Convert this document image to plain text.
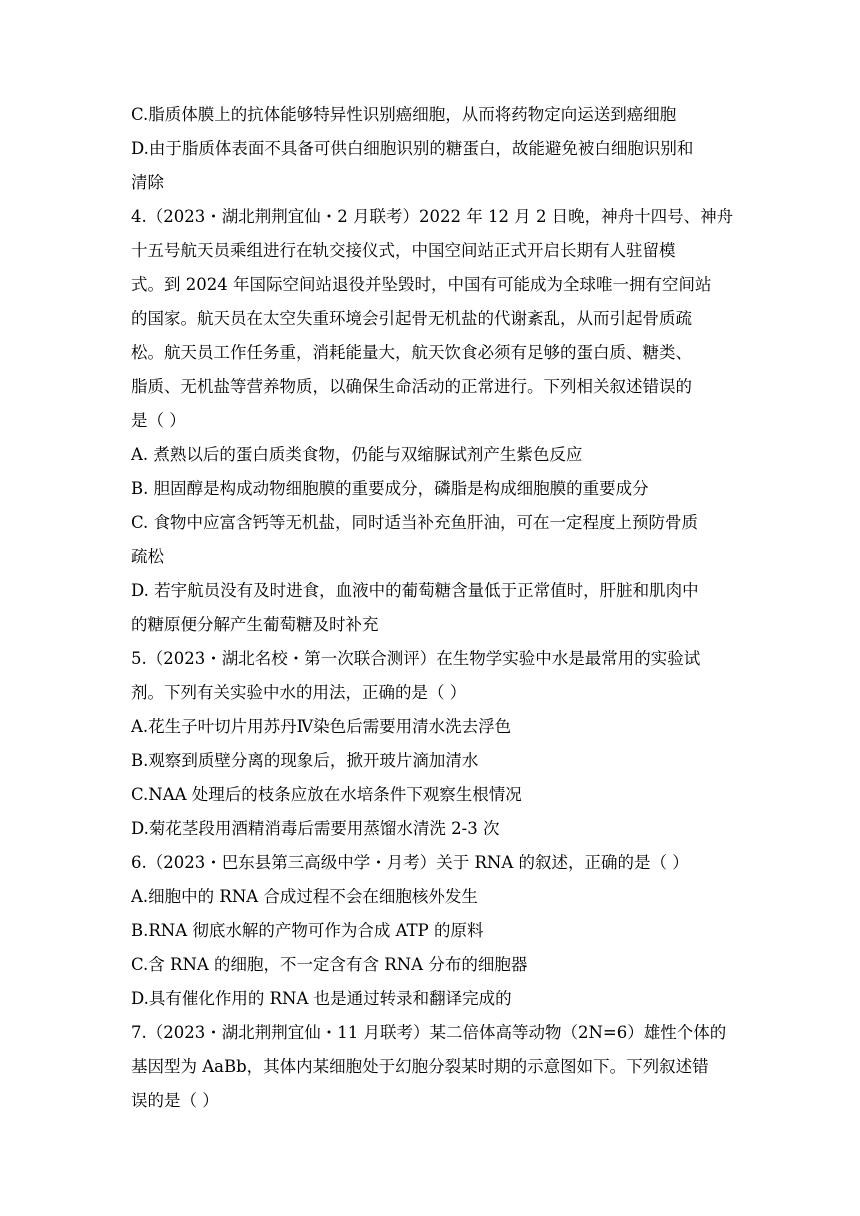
C.脂质体膜上的抗体能够特异性识别癌细胞，从而将药物定向运送到癌细胞
D.由于脂质体表面不具备可供白细胞识别的糖蛋白，故能避免被白细胞识别和
清除
4.（2023・湖北荆荆宜仙・2 月联考）2022 年 12 月 2 日晚，神舟十四号、神舟
十五号航天员乘组进行在轨交接仪式，中国空间站正式开启长期有人驻留模
式。到 2024 年国际空间站退役并坠毁时，中国有可能成为全球唯一拥有空间站
的国家。航天员在太空失重环境会引起骨无机盐的代谢紊乱，从而引起骨质疏
松。航天员工作任务重，消耗能量大，航天饮食必须有足够的蛋白质、糖类、
脂质、无机盐等营养物质，以确保生命活动的正常进行。下列相关叙述错误的
是（ ）
A. 煮熟以后的蛋白质类食物，仍能与双缩脲试剂产生紫色反应
B. 胆固醇是构成动物细胞膜的重要成分，磷脂是构成细胞膜的重要成分
C. 食物中应富含钙等无机盐，同时适当补充鱼肝油，可在一定程度上预防骨质
疏松
D. 若宇航员没有及时进食，血液中的葡萄糖含量低于正常值时，肝脏和肌肉中
的糖原便分解产生葡萄糖及时补充
5.（2023・湖北名校・第一次联合测评）在生物学实验中水是最常用的实验试
剂。下列有关实验中水的用法，正确的是（ ）
A.花生子叶切片用苏丹Ⅳ染色后需要用清水洗去浮色
B.观察到质壁分离的现象后，掀开玻片滴加清水
C.NAA 处理后的枝条应放在水培条件下观察生根情况
D.菊花茎段用酒精消毒后需要用蒸馏水清洗 2-3 次
6.（2023・巴东县第三高级中学・月考）关于 RNA 的叙述，正确的是（ ）
A.细胞中的 RNA 合成过程不会在细胞核外发生
B.RNA 彻底水解的产物可作为合成 ATP 的原料
C.含 RNA 的细胞，不一定含有含 RNA 分布的细胞器
D.具有催化作用的 RNA 也是通过转录和翻译完成的
7.（2023・湖北荆荆宜仙・11 月联考）某二倍体高等动物（2N=6）雄性个体的
基因型为 AaBb，其体内某细胞处于幻胞分裂某时期的示意图如下。下列叙述错
误的是（ ）
